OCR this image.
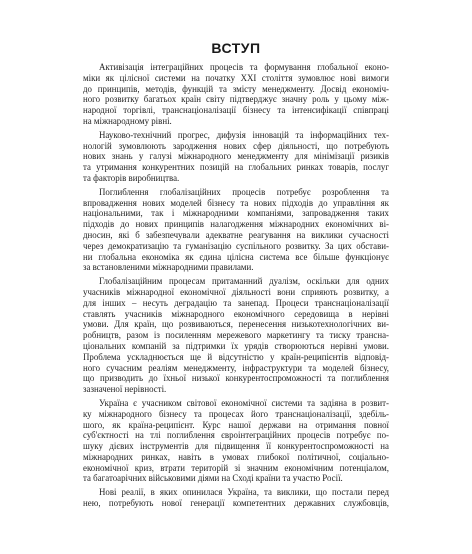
ВСТУП
Активізація інтеграційних процесів та формування глобальної еконо-
міки як цілісної системи на початку XXI століття зумовлює нові вимоги
до принципів, методів, функцій та змісту менеджменту. Досвід економіч-
ного розвитку багатьох країн світу підтверджує значну роль у цьому між-
народної торгівлі, транснаціоналізації бізнесу та інтенсифікації співпраці
на міжнародному рівні.
Науково-технічний прогрес, дифузія інновацій та інформаційних тех-
нологій зумовлюють зародження нових сфер діяльності, що потребують
нових знань у галузі міжнародного менеджменту для мінімізації ризиків
та утримання конкурентних позицій на глобальних ринках товарів, послуг
та факторів виробництва.
Поглиблення глобалізаційних процесів потребує розроблення та
впровадження нових моделей бізнесу та нових підходів до управління як
національними, так і міжнародними компаніями, запровадження таких
підходів до нових принципів налагодження міжнародних економічних ві-
дносин, які б забезпечували адекватне реагування на виклики сучасності
через демократизацію та гуманізацію суспільного розвитку. За цих обстави-
ни глобальна економіка як єдина цілісна система все більше функціонує
за встановленими міжнародними правилами.
Глобалізаційним процесам притаманний дуалізм, оскільки для одних
учасників міжнародної економічної діяльності вони сприяють розвитку, а
для інших – несуть деградацію та занепад. Процеси транснаціоналізації
ставлять учасників міжнародного економічного середовища в нерівні
умови. Для країн, що розвиваються, перенесення низькотехнологічних ви-
робництв, разом із посиленням мережевого маркетингу та тиску трансна-
ціональних компаній за підтримки їх урядів створюються нерівні умови.
Проблема ускладнюється ще й відсутністю у країн-реципієнтів відповід-
ного сучасним реаліям менеджменту, інфраструктури та моделей бізнесу,
що призводить до їхньої низької конкурентоспроможності та поглиблення
зазначеної нерівності.
Україна є учасником світової економічної системи та задіяна в розвит-
ку міжнародного бізнесу та процесах його транснаціоналізації, здебіль-
шого, як країна-реципієнт. Курс нашої держави на отримання повної
суб'єктності на тлі поглиблення євроінтеграційних процесів потребує по-
шуку дієвих інструментів для підвищення її конкурентоспроможності на
міжнародних ринках, навіть в умовах глибокої політичної, соціально-
економічної криз, втрати територій зі значним економічним потенціалом,
та багатоарічних військовими діями на Сході країни та участю Росії.
Нові реалії, в яких опинилася Україна, та виклики, що постали перед
нею, потребують нової генерації компетентних державних службовців,
